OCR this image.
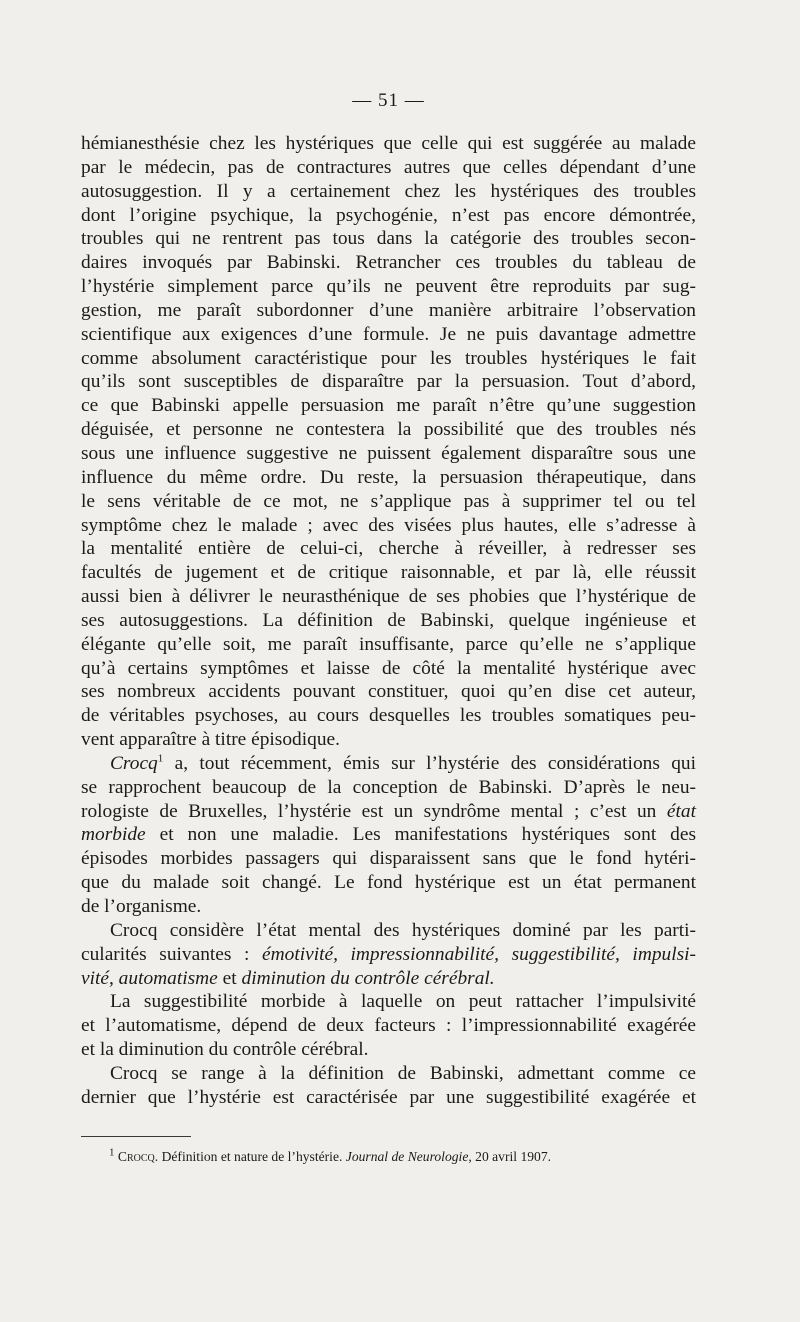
— 51 —

hémianesthésie chez les hystériques que celle qui est suggérée au malade

par le médecin, pas de contractures autres que celles dépendant d’une

autosuggestion. Il y a certainement chez les hystériques des troubles

dont l’origine psychique, la psychogénie, n’est pas encore démontrée,

troubles qui ne rentrent pas tous dans la catégorie des troubles secon-

daires invoqués par Babinski. Retrancher ces troubles du tableau de

l’hystérie simplement parce qu’ils ne peuvent être reproduits par sug-

gestion, me paraît subordonner d’une manière arbitraire l’observation

scientifique aux exigences d’une formule. Je ne puis davantage admettre

comme absolument caractéristique pour les troubles hystériques le fait

qu’ils sont susceptibles de disparaître par la persuasion. Tout d’abord,

ce que Babinski appelle persuasion me paraît n’être qu’une suggestion

déguisée, et personne ne contestera la possibilité que des troubles nés

sous une influence suggestive ne puissent également disparaître sous une

influence du même ordre. Du reste, la persuasion thérapeutique, dans

le sens véritable de ce mot, ne s’applique pas à supprimer tel ou tel

symptôme chez le malade ; avec des visées plus hautes, elle s’adresse à

la mentalité entière de celui-ci, cherche à réveiller, à redresser ses

facultés de jugement et de critique raisonnable, et par là, elle réussit

aussi bien à délivrer le neurasthénique de ses phobies que l’hystérique de

ses autosuggestions. La définition de Babinski, quelque ingénieuse et

élégante qu’elle soit, me paraît insuffisante, parce qu’elle ne s’applique

qu’à certains symptômes et laisse de côté la mentalité hystérique avec

ses nombreux accidents pouvant constituer, quoi qu’en dise cet auteur,

de véritables psychoses, au cours desquelles les troubles somatiques peu-

vent apparaître à titre épisodique.

Crocq$^1$ a, tout récemment, émis sur l’hystérie des considérations qui

se rapprochent beaucoup de la conception de Babinski. D’après le neu-

rologiste de Bruxelles, l’hystérie est un syndrôme mental ; c’est un état

morbide et non une maladie. Les manifestations hystériques sont des

épisodes morbides passagers qui disparaissent sans que le fond hytéri-

que du malade soit changé. Le fond hystérique est un état permanent

de l’organisme.

Crocq considère l’état mental des hystériques dominé par les parti-

cularités suivantes : émotivité, impressionnabilité, suggestibilité, impulsi-

vité, automatisme et diminution du contrôle cérébral.

La suggestibilité morbide à laquelle on peut rattacher l’impulsivité

et l’automatisme, dépend de deux facteurs : l’impressionnabilité exagérée

et la diminution du contrôle cérébral.

Crocq se range à la définition de Babinski, admettant comme ce

dernier que l’hystérie est caractérisée par une suggestibilité exagérée et

$^1$ Crocq. Définition et nature de l’hystérie. Journal de Neurologie, 20 avril 1907.
